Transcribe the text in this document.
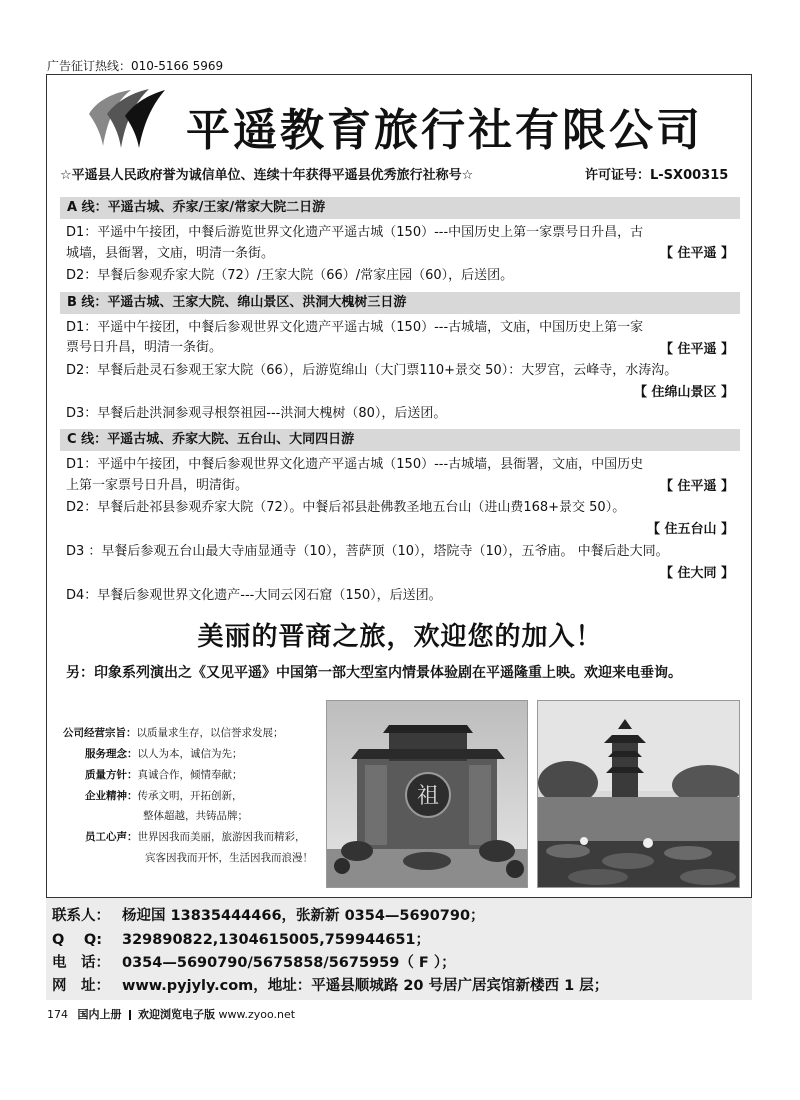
广告征订热线：010-5166 5969
平遥教育旅行社有限公司
☆平遥县人民政府誉为诚信单位、连续十年获得平遥县优秀旅行社称号☆	许可证号：L-SX00315
A 线：平遥古城、乔家/王家/常家大院二日游
D1：平遥中午接团，中餐后游览世界文化遗产平遥古城（150）---中国历史上第一家票号日升昌，古
城墙，县衙署，文庙，明清一条街。	【 住平遥 】
D2：早餐后参观乔家大院（72）/王家大院（66）/常家庄园（60），后送团。
B 线：平遥古城、王家大院、绵山景区、洪洞大槐树三日游
D1：平遥中午接团，中餐后参观世界文化遗产平遥古城（150）---古城墙，文庙，中国历史上第一家
票号日升昌，明清一条街。	【 住平遥 】
D2：早餐后赴灵石参观王家大院（66），后游览绵山（大门票110+景交 50）：大罗宫，云峰寺，水涛沟。
【 住绵山景区 】
D3：早餐后赴洪洞参观寻根祭祖园---洪洞大槐树（80），后送团。
C 线：平遥古城、乔家大院、五台山、大同四日游
D1：平遥中午接团，中餐后参观世界文化遗产平遥古城（150）---古城墙，县衙署，文庙，中国历史
上第一家票号日升昌，明清街。	【 住平遥 】
D2：早餐后赴祁县参观乔家大院（72）。中餐后祁县赴佛教圣地五台山（进山费168+景交 50）。
【 住五台山 】
D3 ：早餐后参观五台山最大寺庙显通寺（10），菩萨顶（10），塔院寺（10），五爷庙。 中餐后赴大同。
【 住大同 】
D4：早餐后参观世界文化遗产---大同云冈石窟（150），后送团。
美丽的晋商之旅，欢迎您的加入！
另：印象系列演出之《又见平遥》中国第一部大型室内情景体验剧在平遥隆重上映。欢迎来电垂询。
公司经营宗旨：以质量求生存，以信誉求发展；
服务理念：以人为本，诚信为先；
质量方针：真诚合作，倾情奉献；
企业精神：传承文明，开拓创新，
整体超越，共铸品牌；
员工心声：世界因我而美丽，旅游因我而精彩，
宾客因我而开怀，生活因我而浪漫！
祖
联系人： 杨迎国 13835444466，张新新 0354—5690790；
Q　 Q: 329890822,1304615005,759944651；
电　话： 0354—5690790/5675858/5675959（ F ）；
网　址： www.pyjyly.com，地址：平遥县顺城路 20 号居广居宾馆新楼西 1 层；
174 国内上册 欢迎浏览电子版 www.zyoo.net
